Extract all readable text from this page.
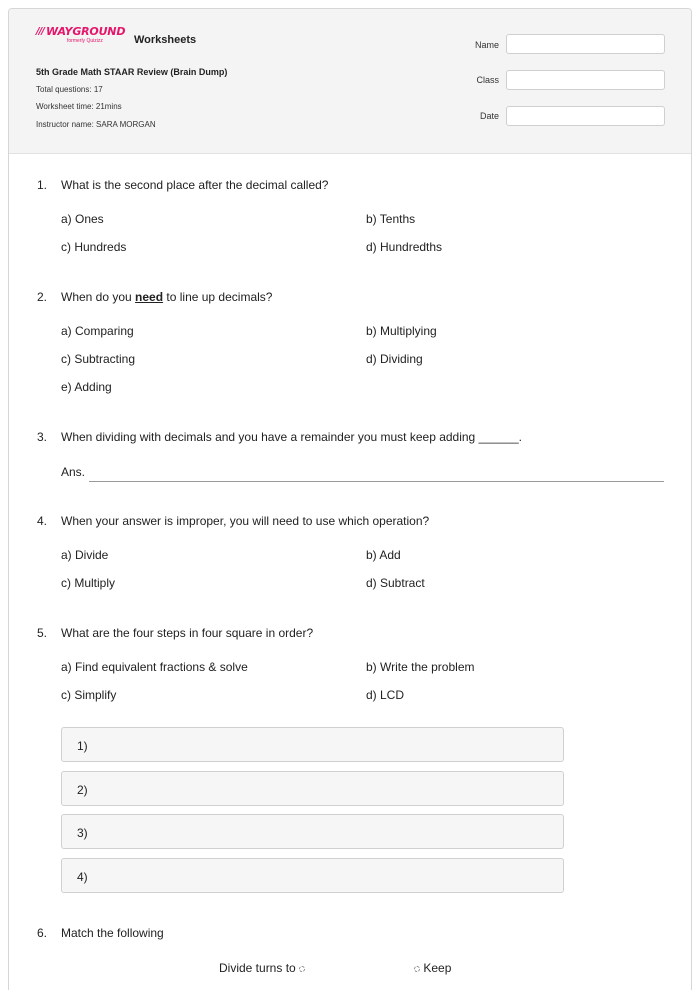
/// WAYGROUND
formerly Quizizz	Worksheets
5th Grade Math STAAR Review (Brain Dump)
Total questions: 17
Worksheet time: 21mins
Instructor name: SARA MORGAN
Name
Class
Date
1. What is the second place after the decimal called?
a) Ones	b) Tenths
c) Hundreds	d) Hundredths
2. When do you need to line up decimals?
a) Comparing	b) Multiplying
c) Subtracting	d) Dividing
e) Adding
3. When dividing with decimals and you have a remainder you must keep adding ______.
Ans.
4. When your answer is improper, you will need to use which operation?
a) Divide	b) Add
c) Multiply	d) Subtract
5. What are the four steps in four square in order?
a) Find equivalent fractions & solve	b) Write the problem
c) Simplify	d) LCD
1)
2)
3)
4)
6. Match the following
Divide turns to	Keep
